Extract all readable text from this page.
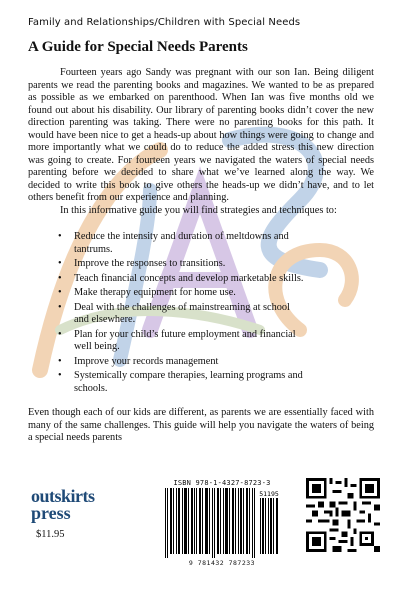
Family and Relationships/Children with Special Needs
A Guide for Special Needs Parents

Fourteen years ago Sandy was pregnant with our son Ian. Being diligent parents we read the parenting books and magazines. We wanted to be as prepared as possible as we embarked on parenthood. When Ian was five months old we found out about his disability. Our library of parenting books didn’t cover the new direction parenting was taking. There were no parenting books for this path. It would have been nice to get a heads-up about how things were going to change and more importantly what we could do to reduce the added stress this new direction was going to create. For fourteen years we navigated the waters of special needs parenting before we decided to share what we’ve learned along the way. We decided to write this book to give others the heads-up we didn’t have, and to let others benefit from our experience and planning.

In this informative guide you will find strategies and techniques to:

• Reduce the intensity and duration of meltdowns and tantrums.
• Improve the responses to transitions.
• Teach financial concepts and develop marketable skills.
• Make therapy equipment for home use.
• Deal with the challenges of mainstreaming at school and elsewhere.
• Plan for your child’s future employment and financial well being.
• Improve your records management
• Systemically compare therapies, learning programs and schools.

Even though each of our kids are different, as parents we are essentially faced with many of the same challenges. This guide will help you navigate the waters of being a special needs parents

outskirts
press
$11.95
ISBN 978-1-4327-8723-3
51195
9 781432 787233
